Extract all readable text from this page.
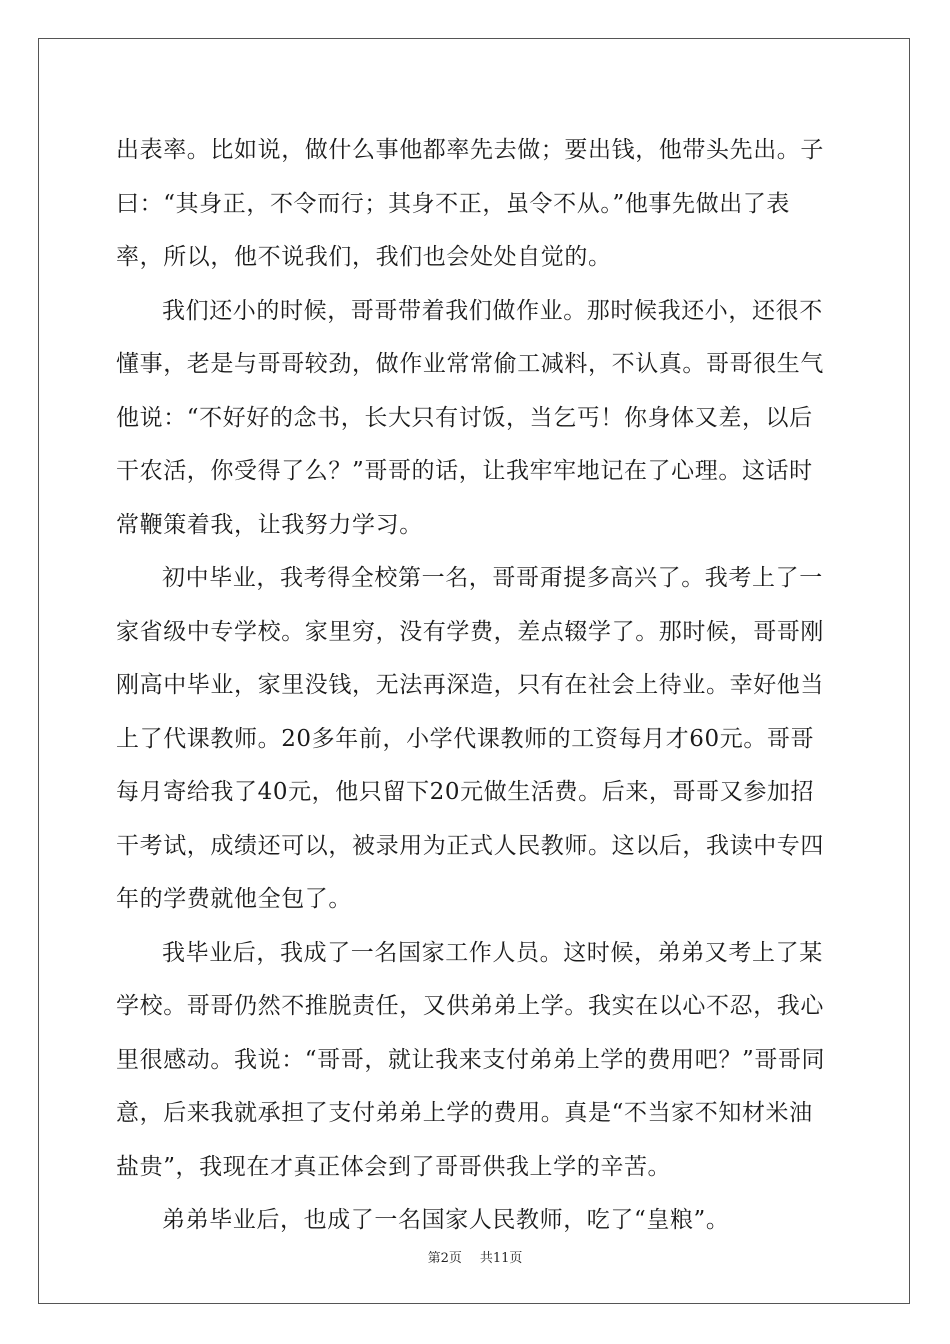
出表率。比如说，做什么事他都率先去做；要出钱，他带头先出。子曰：“其身正，不令而行；其身不正，虽令不从。”他事先做出了表率，所以，他不说我们，我们也会处处自觉的。

我们还小的时候，哥哥带着我们做作业。那时候我还小，还很不懂事，老是与哥哥较劲，做作业常常偷工减料，不认真。哥哥很生气他说：“不好好的念书，长大只有讨饭，当乞丐！你身体又差，以后干农活，你受得了么？”哥哥的话，让我牢牢地记在了心理。这话时常鞭策着我，让我努力学习。

初中毕业，我考得全校第一名，哥哥甭提多高兴了。我考上了一家省级中专学校。家里穷，没有学费，差点辍学了。那时候，哥哥刚刚高中毕业，家里没钱，无法再深造，只有在社会上待业。幸好他当上了代课教师。20多年前，小学代课教师的工资每月才60元。哥哥每月寄给我了40元，他只留下20元做生活费。后来，哥哥又参加招干考试，成绩还可以，被录用为正式人民教师。这以后，我读中专四年的学费就他全包了。

我毕业后，我成了一名国家工作人员。这时候，弟弟又考上了某学校。哥哥仍然不推脱责任，又供弟弟上学。我实在以心不忍，我心里很感动。我说：“哥哥，就让我来支付弟弟上学的费用吧？”哥哥同意，后来我就承担了支付弟弟上学的费用。真是“不当家不知材米油盐贵”，我现在才真正体会到了哥哥供我上学的辛苦。

弟弟毕业后，也成了一名国家人民教师，吃了“皇粮”。

第2页 共11页
